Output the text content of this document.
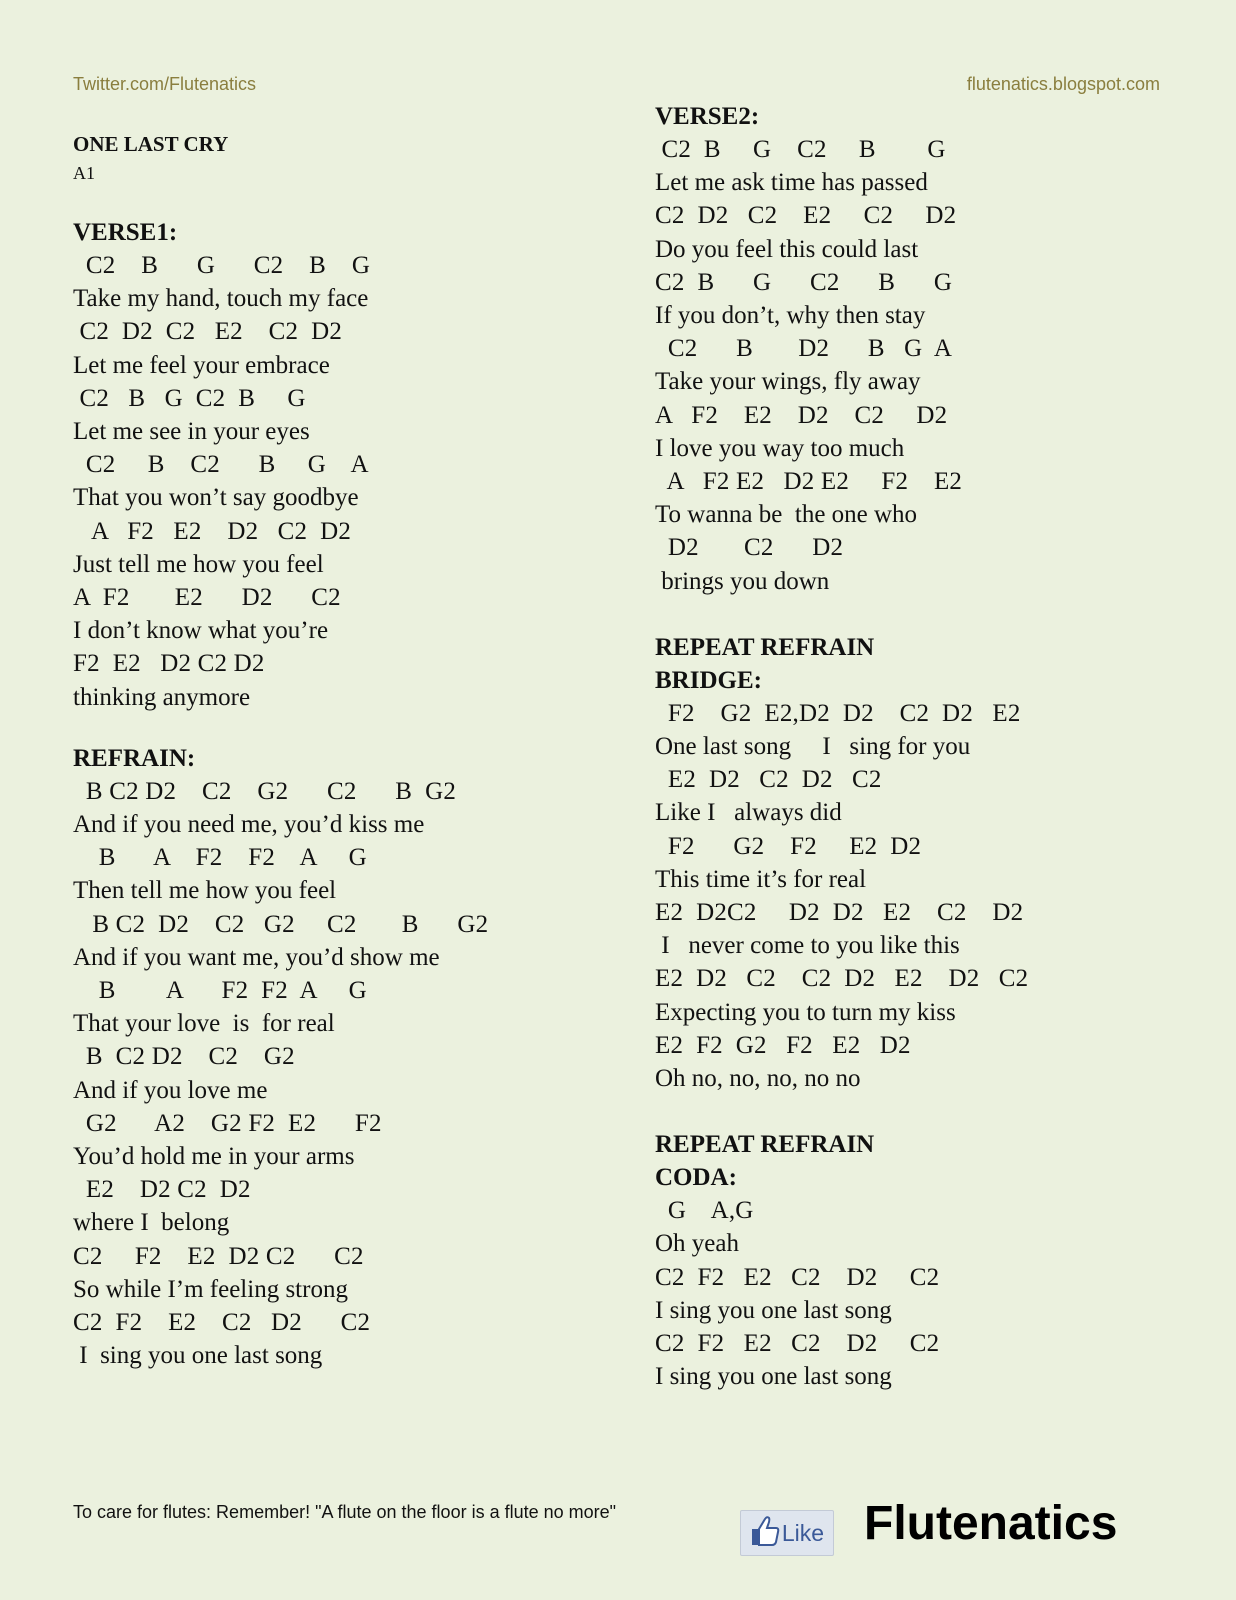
Twitter.com/Flutenatics	flutenatics.blogspot.com
ONE LAST CRY
A1
VERSE1:
C2    B      G      C2    B    G
Take my hand, touch my face
C2  D2  C2   E2    C2  D2
Let me feel your embrace
C2   B   G  C2  B     G
Let me see in your eyes
C2     B    C2      B     G    A
That you won’t say goodbye
A   F2   E2    D2   C2  D2
Just tell me how you feel
A  F2       E2      D2      C2
I don’t know what you’re
F2  E2   D2 C2 D2
thinking anymore
REFRAIN:
B C2 D2    C2    G2      C2      B  G2
And if you need me, you’d kiss me
B      A    F2    F2    A     G
Then tell me how you feel
B C2  D2    C2   G2     C2       B      G2
And if you want me, you’d show me
B        A      F2  F2  A     G
That your love  is  for real
B  C2 D2    C2    G2
And if you love me
G2      A2    G2 F2  E2      F2
You’d hold me in your arms
E2    D2 C2  D2
where I  belong
C2     F2    E2  D2 C2      C2
So while I’m feeling strong
C2  F2    E2    C2   D2      C2
I  sing you one last song
VERSE2:
C2  B     G    C2     B        G
Let me ask time has passed
C2  D2   C2    E2     C2     D2
Do you feel this could last
C2  B      G      C2      B      G
If you don’t, why then stay
C2      B       D2      B   G  A
Take your wings, fly away
A   F2    E2    D2    C2     D2
I love you way too much
A   F2 E2   D2 E2     F2    E2
To wanna be  the one who
D2       C2      D2
brings you down
REPEAT REFRAIN
BRIDGE:
F2    G2  E2,D2  D2    C2  D2   E2
One last song     I   sing for you
E2  D2   C2  D2   C2
Like I   always did
F2      G2    F2     E2  D2
This time it’s for real
E2  D2C2     D2  D2   E2    C2    D2
I   never come to you like this
E2  D2   C2    C2  D2   E2    D2   C2
Expecting you to turn my kiss
E2  F2  G2   F2   E2   D2
Oh no, no, no, no no
REPEAT REFRAIN
CODA:
G    A,G
Oh yeah
C2  F2   E2   C2    D2     C2
I sing you one last song
C2  F2   E2   C2    D2     C2
I sing you one last song
To care for flutes: Remember! "A flute on the floor is a flute no more"
Like Flutenatics
